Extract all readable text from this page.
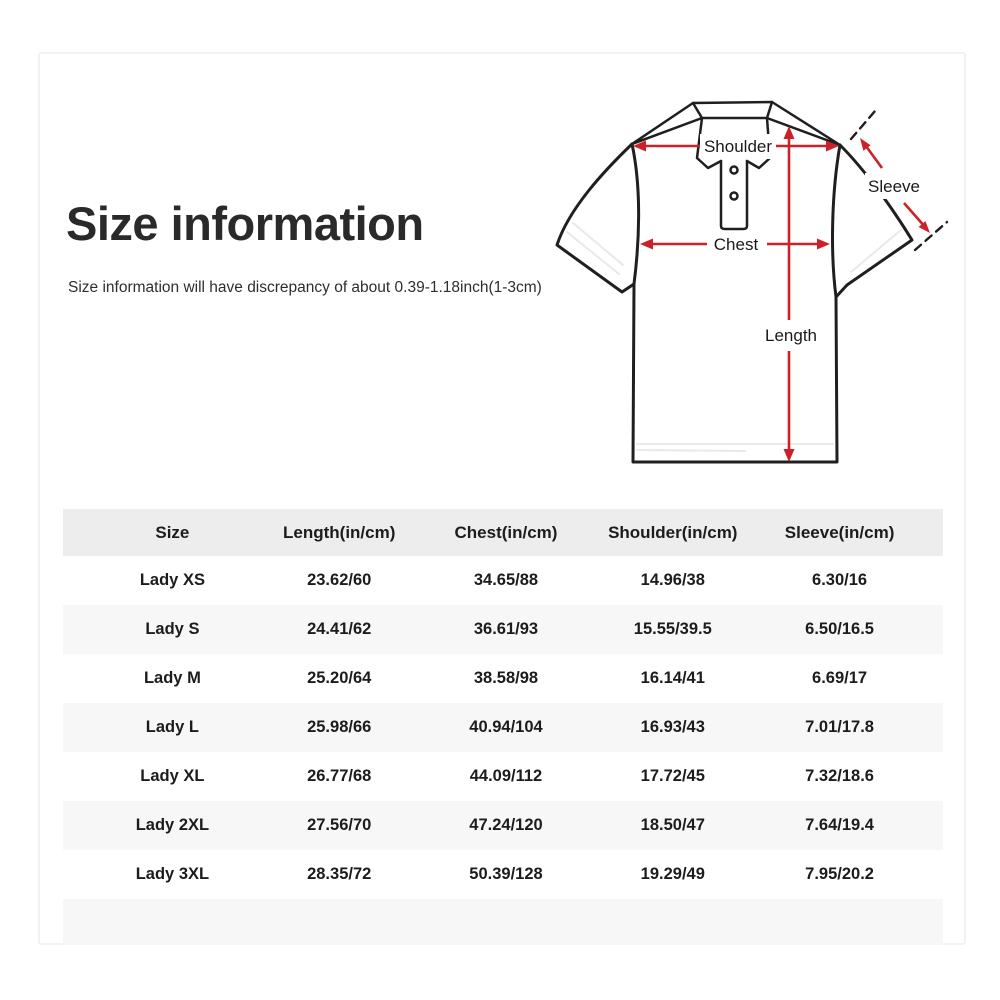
Size information
Size information will have discrepancy of about 0.39-1.18inch(1-3cm)
Shoulder
Chest
Length
Sleeve
Size	Length(in/cm)	Chest(in/cm)	Shoulder(in/cm)	Sleeve(in/cm)
Lady XS	23.62/60	34.65/88	14.96/38	6.30/16
Lady S	24.41/62	36.61/93	15.55/39.5	6.50/16.5
Lady M	25.20/64	38.58/98	16.14/41	6.69/17
Lady L	25.98/66	40.94/104	16.93/43	7.01/17.8
Lady XL	26.77/68	44.09/112	17.72/45	7.32/18.6
Lady 2XL	27.56/70	47.24/120	18.50/47	7.64/19.4
Lady 3XL	28.35/72	50.39/128	19.29/49	7.95/20.2
